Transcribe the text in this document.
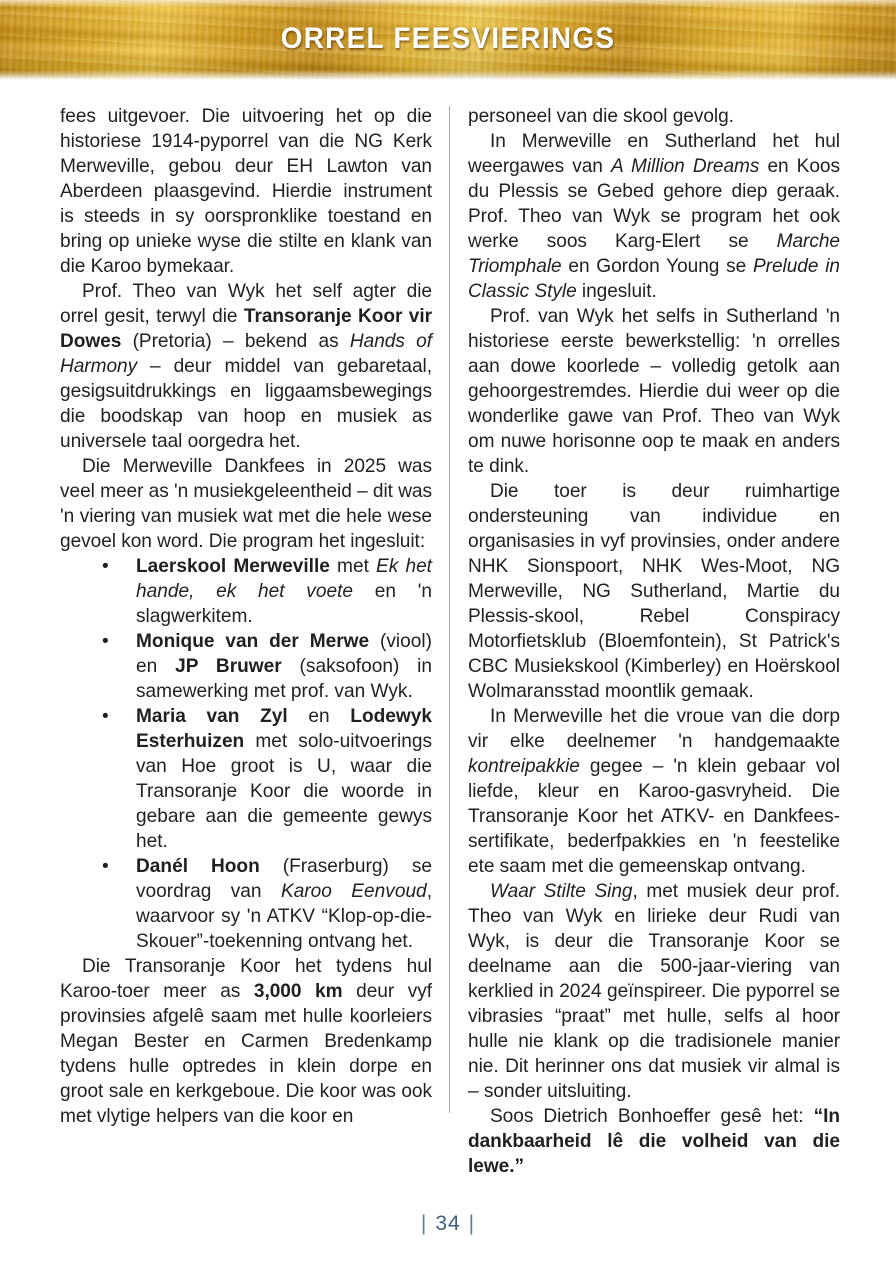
ORREL FEESVIERINGS

fees uitgevoer. Die uitvoering het op die historiese 1914-pyporrel van die NG Kerk Merweville, gebou deur EH Lawton van Aberdeen plaasgevind. Hierdie instrument is steeds in sy oorspronklike toestand en bring op unieke wyse die stilte en klank van die Karoo bymekaar.

Prof. Theo van Wyk het self agter die orrel gesit, terwyl die Transoranje Koor vir Dowes (Pretoria) – bekend as Hands of Harmony – deur middel van gebaretaal, gesigsuitdrukkings en liggaamsbewegings die boodskap van hoop en musiek as universele taal oorgedra het.

Die Merweville Dankfees in 2025 was veel meer as 'n musiekgeleentheid – dit was 'n viering van musiek wat met die hele wese gevoel kon word. Die program het ingesluit:

• Laerskool Merweville met Ek het hande, ek het voete en 'n slagwerkitem.
• Monique van der Merwe (viool) en JP Bruwer (saksofoon) in samewerking met prof. van Wyk.
• Maria van Zyl en Lodewyk Esterhuizen met solo-uitvoerings van Hoe groot is U, waar die Transoranje Koor die woorde in gebare aan die gemeente gewys het.
• Danél Hoon (Fraserburg) se voordrag van Karoo Eenvoud, waarvoor sy 'n ATKV “Klop-op-die-Skouer”-toekenning ontvang het.

Die Transoranje Koor het tydens hul Karoo-toer meer as 3,000 km deur vyf provinsies afgelê saam met hulle koorleiers Megan Bester en Carmen Bredenkamp tydens hulle optredes in klein dorpe en groot sale en kerkgeboue. Die koor was ook met vlytige helpers van die koor en

personeel van die skool gevolg.

In Merweville en Sutherland het hul weergawes van A Million Dreams en Koos du Plessis se Gebed gehore diep geraak. Prof. Theo van Wyk se program het ook werke soos Karg-Elert se Marche Triomphale en Gordon Young se Prelude in Classic Style ingesluit.

Prof. van Wyk het selfs in Sutherland 'n historiese eerste bewerkstellig: 'n orrelles aan dowe koorlede – volledig getolk aan gehoorgestremdes. Hierdie dui weer op die wonderlike gawe van Prof. Theo van Wyk om nuwe horisonne oop te maak en anders te dink.

Die toer is deur ruimhartige ondersteuning van individue en organisasies in vyf provinsies, onder andere NHK Sionspoort, NHK Wes-Moot, NG Merweville, NG Sutherland, Martie du Plessis-skool, Rebel Conspiracy Motorfietsklub (Bloemfontein), St Patrick's CBC Musiekskool (Kimberley) en Hoërskool Wolmaransstad moontlik gemaak.

In Merweville het die vroue van die dorp vir elke deelnemer 'n handgemaakte kontreipakkie gegee – 'n klein gebaar vol liefde, kleur en Karoo-gasvryheid. Die Transoranje Koor het ATKV- en Dankfees-sertifikate, bederfpakkies en 'n feestelike ete saam met die gemeenskap ontvang.

Waar Stilte Sing, met musiek deur prof. Theo van Wyk en lirieke deur Rudi van Wyk, is deur die Transoranje Koor se deelname aan die 500-jaar-viering van kerklied in 2024 geïnspireer. Die pyporrel se vibrasies “praat” met hulle, selfs al hoor hulle nie klank op die tradisionele manier nie. Dit herinner ons dat musiek vir almal is – sonder uitsluiting.

Soos Dietrich Bonhoeffer gesê het: “In dankbaarheid lê die volheid van die lewe.”

| 34 |
